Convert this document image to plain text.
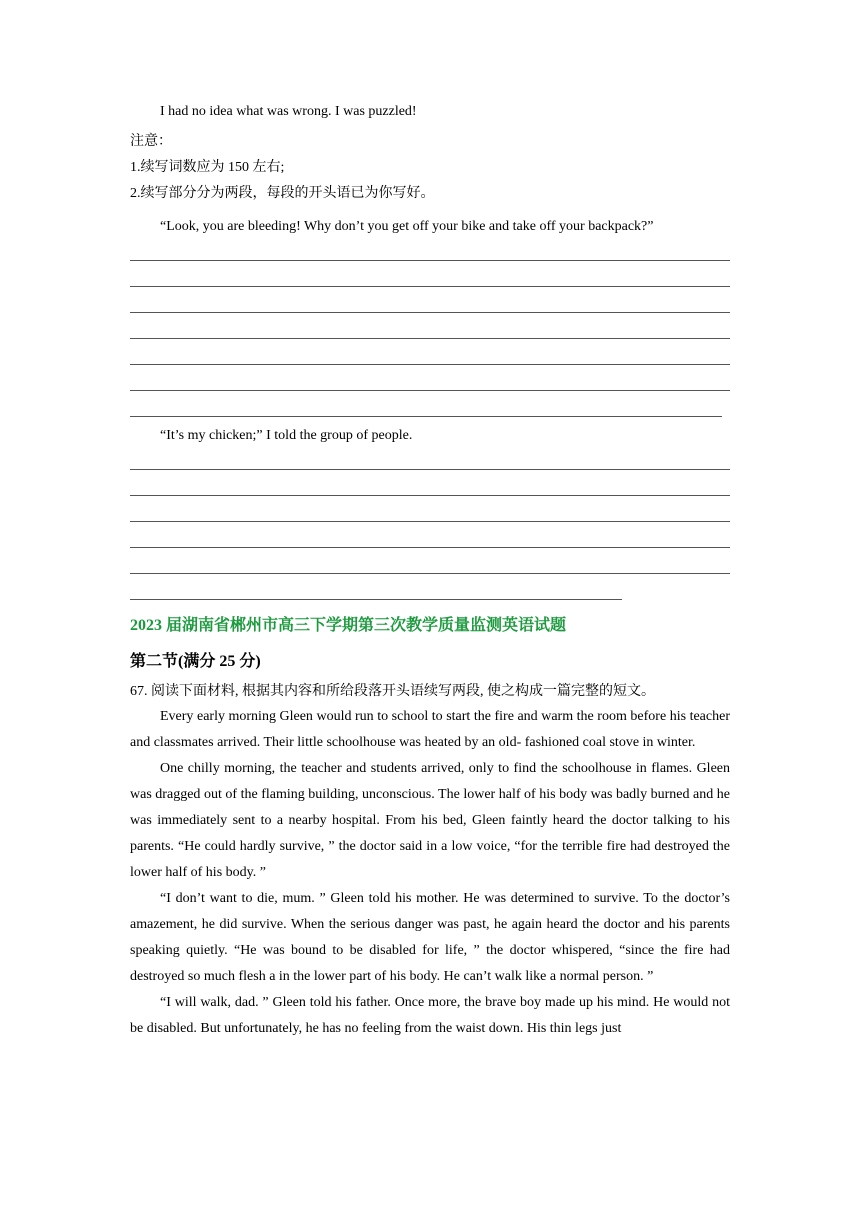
I had no idea what was wrong. I was puzzled!
注意：
1.续写词数应为 150 左右;
2.续写部分分为两段，每段的开头语已为你写好。
“Look, you are bleeding! Why don’t you get off your bike and take off your backpack?”
“It’s my chicken;” I told the group of people.
2023 届湖南省郴州市高三下学期第三次教学质量监测英语试题
第二节(满分 25 分)
67. 阅读下面材料, 根据其内容和所给段落开头语续写两段, 使之构成一篇完整的短文。

Every early morning Gleen would run to school to start the fire and warm the room before his teacher and classmates arrived. Their little schoolhouse was heated by an old- fashioned coal stove in winter.

One chilly morning, the teacher and students arrived, only to find the schoolhouse in flames. Gleen was dragged out of the flaming building, unconscious. The lower half of his body was badly burned and he was immediately sent to a nearby hospital. From his bed, Gleen faintly heard the doctor talking to his parents. “He could hardly survive, ” the doctor said in a low voice, “for the terrible fire had destroyed the lower half of his body. ”

“I don’t want to die, mum. ” Gleen told his mother. He was determined to survive. To the doctor’s amazement, he did survive. When the serious danger was past, he again heard the doctor and his parents speaking quietly. “He was bound to be disabled for life, ” the doctor whispered, “since the fire had destroyed so much flesh a in the lower part of his body. He can’t walk like a normal person. ”

“I will walk, dad. ” Gleen told his father. Once more, the brave boy made up his mind. He would not be disabled. But unfortunately, he has no feeling from the waist down. His thin legs just
